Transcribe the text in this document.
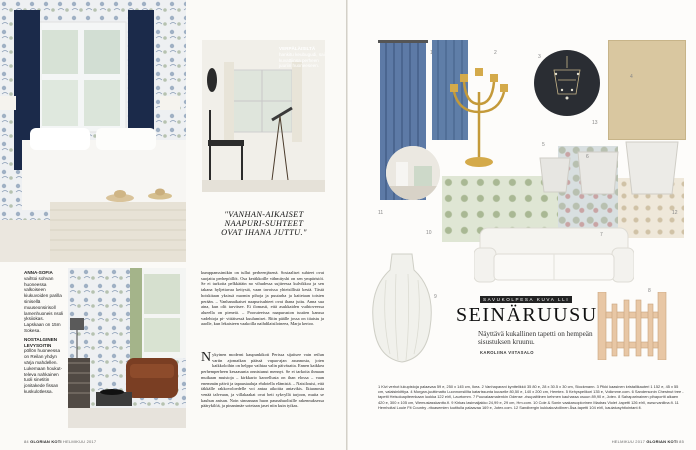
VERPÄLÄISILTÄ hankitu keubugudi, sai kuvattiinsa perheen juuriin huoneeseen.
"VANHAN-AIKAISET NAAPURI-SUHTEET OVAT IHANA JUTTU."
ANNA-SOFIA vaihtoi sohvan huoneessa valkoiseen kiukuvoiden parilla sinisellä muuseonsirisoll lamenhuoneis nsoli yksiiokas. Lapskaan on 15m Sokesa.
NOSTALGINEN LEVYSOITIN pöllön huoneessa on Reilan yhdyn värja mahdellen. Lukemaan houkut- televa nahkainen tuoli sinetitin jonitakede fissan kuskulotlessa.
kumppanssimikin on tullut perheenjäsenä. Sostaaliset suhteet ovat suojattu perhepöillöt. Osa keräkkoille vähmityshi on sen ympäristöi. Se ei turkoita pelkkätäin no vihudessa sujtteessa kulvikkoa ja sen takana hyljettavaa keitystä, vaan tavoissa yhteisillistä kestä. Tästä hoiskitaan yksissä nuomin pihoja ja puutarha ja kaitetaan toisten perään. – Vanhanaikaiset naapurisuhteet ovat ihana juttu. Anna sua aina, kun olit tarvitsee. Ei ilomasti, että asukkaiden vuihtoveessa alueella on pieneiä. – Pooruteeissa naapuruston tuutien kanssa vadehtoja pi- vittäisessä kuulumiset. Ritin päälle jossa on tiiaistu ja aaolle, kun lekaisteen vaakoilla naihdilaisiloineea, Marja kertoo.
N ykyinen moderni kaupunkikoti Perissa sijaitsee vain reilun vartin ajomatkan päässä vapaa-ajan asunnosta, joten kaikkoloihin on helppo vaihtaa valin päiväsatta. Ennen kaikkea perhemperheen kesaasunta onnistunut mennyt. Se ei tarkoita ihmaan muikaan muistoja – kirkkario karoellusta on ihan elossa – vaan enemmän päivä ja tapaustaaluja ehdotella elämistä. – Naisilouisi, että täkkälle rakkovoloedelle voi antaa aikoitta antavikis. Ikiaanosta venää talveaan, ja villakaakat ovat beti sykvyllä tarjoon, muita se kauhun anisan. Noin sinnanaan huon paunahuolisille rakennuksessa päärykilöä, ja pinanimäe sotetaan jaset niin kuin tyikas.
84 GLORIAN KOTI HELMIKUU 2017
1	2
3
4
5
6
7
8
9
10
11	12
13
SAVUKOLPESA KUVA LLI
SEINÄRUUSU
Näyttävä kukallinen tapetti on hempeän sisustuksen kruunu.
KAROLIINA VIITASALO
1 Kivi verhot lukupistoja palaavaa 59 e, 250 x 145 cm, Ikea. 2 Vanhaparani kynttelikkö 35 80 e, 28 x 30.5 x 30 cm, Stockmann. 3 Pikki kaasinen kristallikauteri 1 152 e, 45 x 55 cm, valaisinkittiya. 4 Morgan-juuttimatto Luonnonsiillta katarissunta kuuselle 80,50 e, 140 x 200 cm, Hemtex. 5 Kehyspelikori 135 e, Voikmme.com. 6 Sandersonin Chestnut tree -tapetti Heisoloapiteenkaan luokka 122 e/rll, Laurtomm. 7 Puuvalaamalenkin Odense -risupalttinen kehmen kauhassa osuun 89,90 e, Jotex. 8 Sahaparinainen pihaportti alkaen 420 e, 300 x 105 cm, Wemusiasskantto.fi. 9 Kirkas lasimaljakko 24,99 e, 29 cm, Hm.com. 10 Cole & Sonin vaakaruoplorinen Madras Violet -tapetti 126 e/rll, www.vanilina.fi. 11 Hemholtal Louie Fit Country -ritoasemien luutitulla palaavaa 169 e, Jotex.com. 12 Sandbergin kukkakuviollinen Åsa-tapetti 104 e/rll, kauiatusyhtiointant.fi.
HELMIKUU 2017 GLORIAN KOTI 85
